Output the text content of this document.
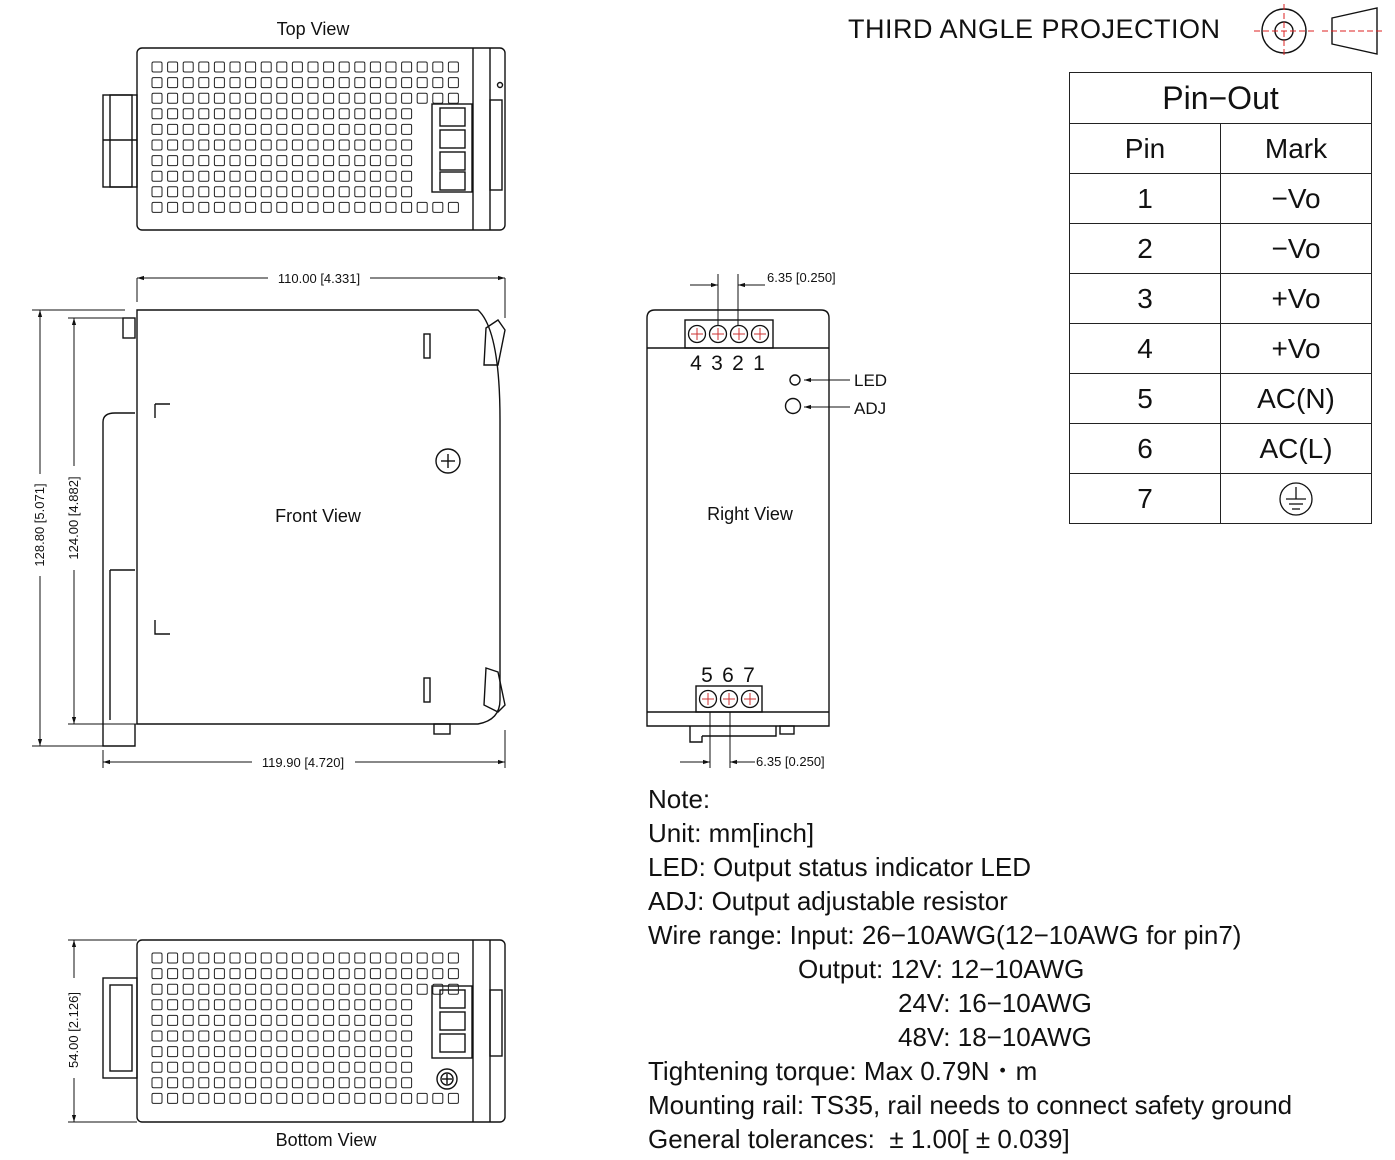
Top View
Front View
110.00 [4.331]
119.90 [4.720]
128.80 [5.071] 124.00 [4.882]
6.35 [0.250]
6.35 [0.250]
LED
ADJ
Right View
4 3 2 1
5 6 7
54.00 [2.126]
Bottom View
THIRD ANGLE PROJECTION
Pin−Out	
Pin	Mark
1	−Vo
2	−Vo
3	+Vo
4	+Vo
5	AC(N)
6	AC(L)
7	
Note:
Unit: mm[inch]
LED: Output status indicator LED
ADJ: Output adjustable resistor
Wire range: Input: 26−10AWG(12−10AWG for pin7)
Output: 12V: 12−10AWG
24V: 16−10AWG
48V: 18−10AWG
Tightening torque: Max 0.79N・m
Mounting rail: TS35, rail needs to connect safety ground
General tolerances:  ± 1.00[ ± 0.039]
